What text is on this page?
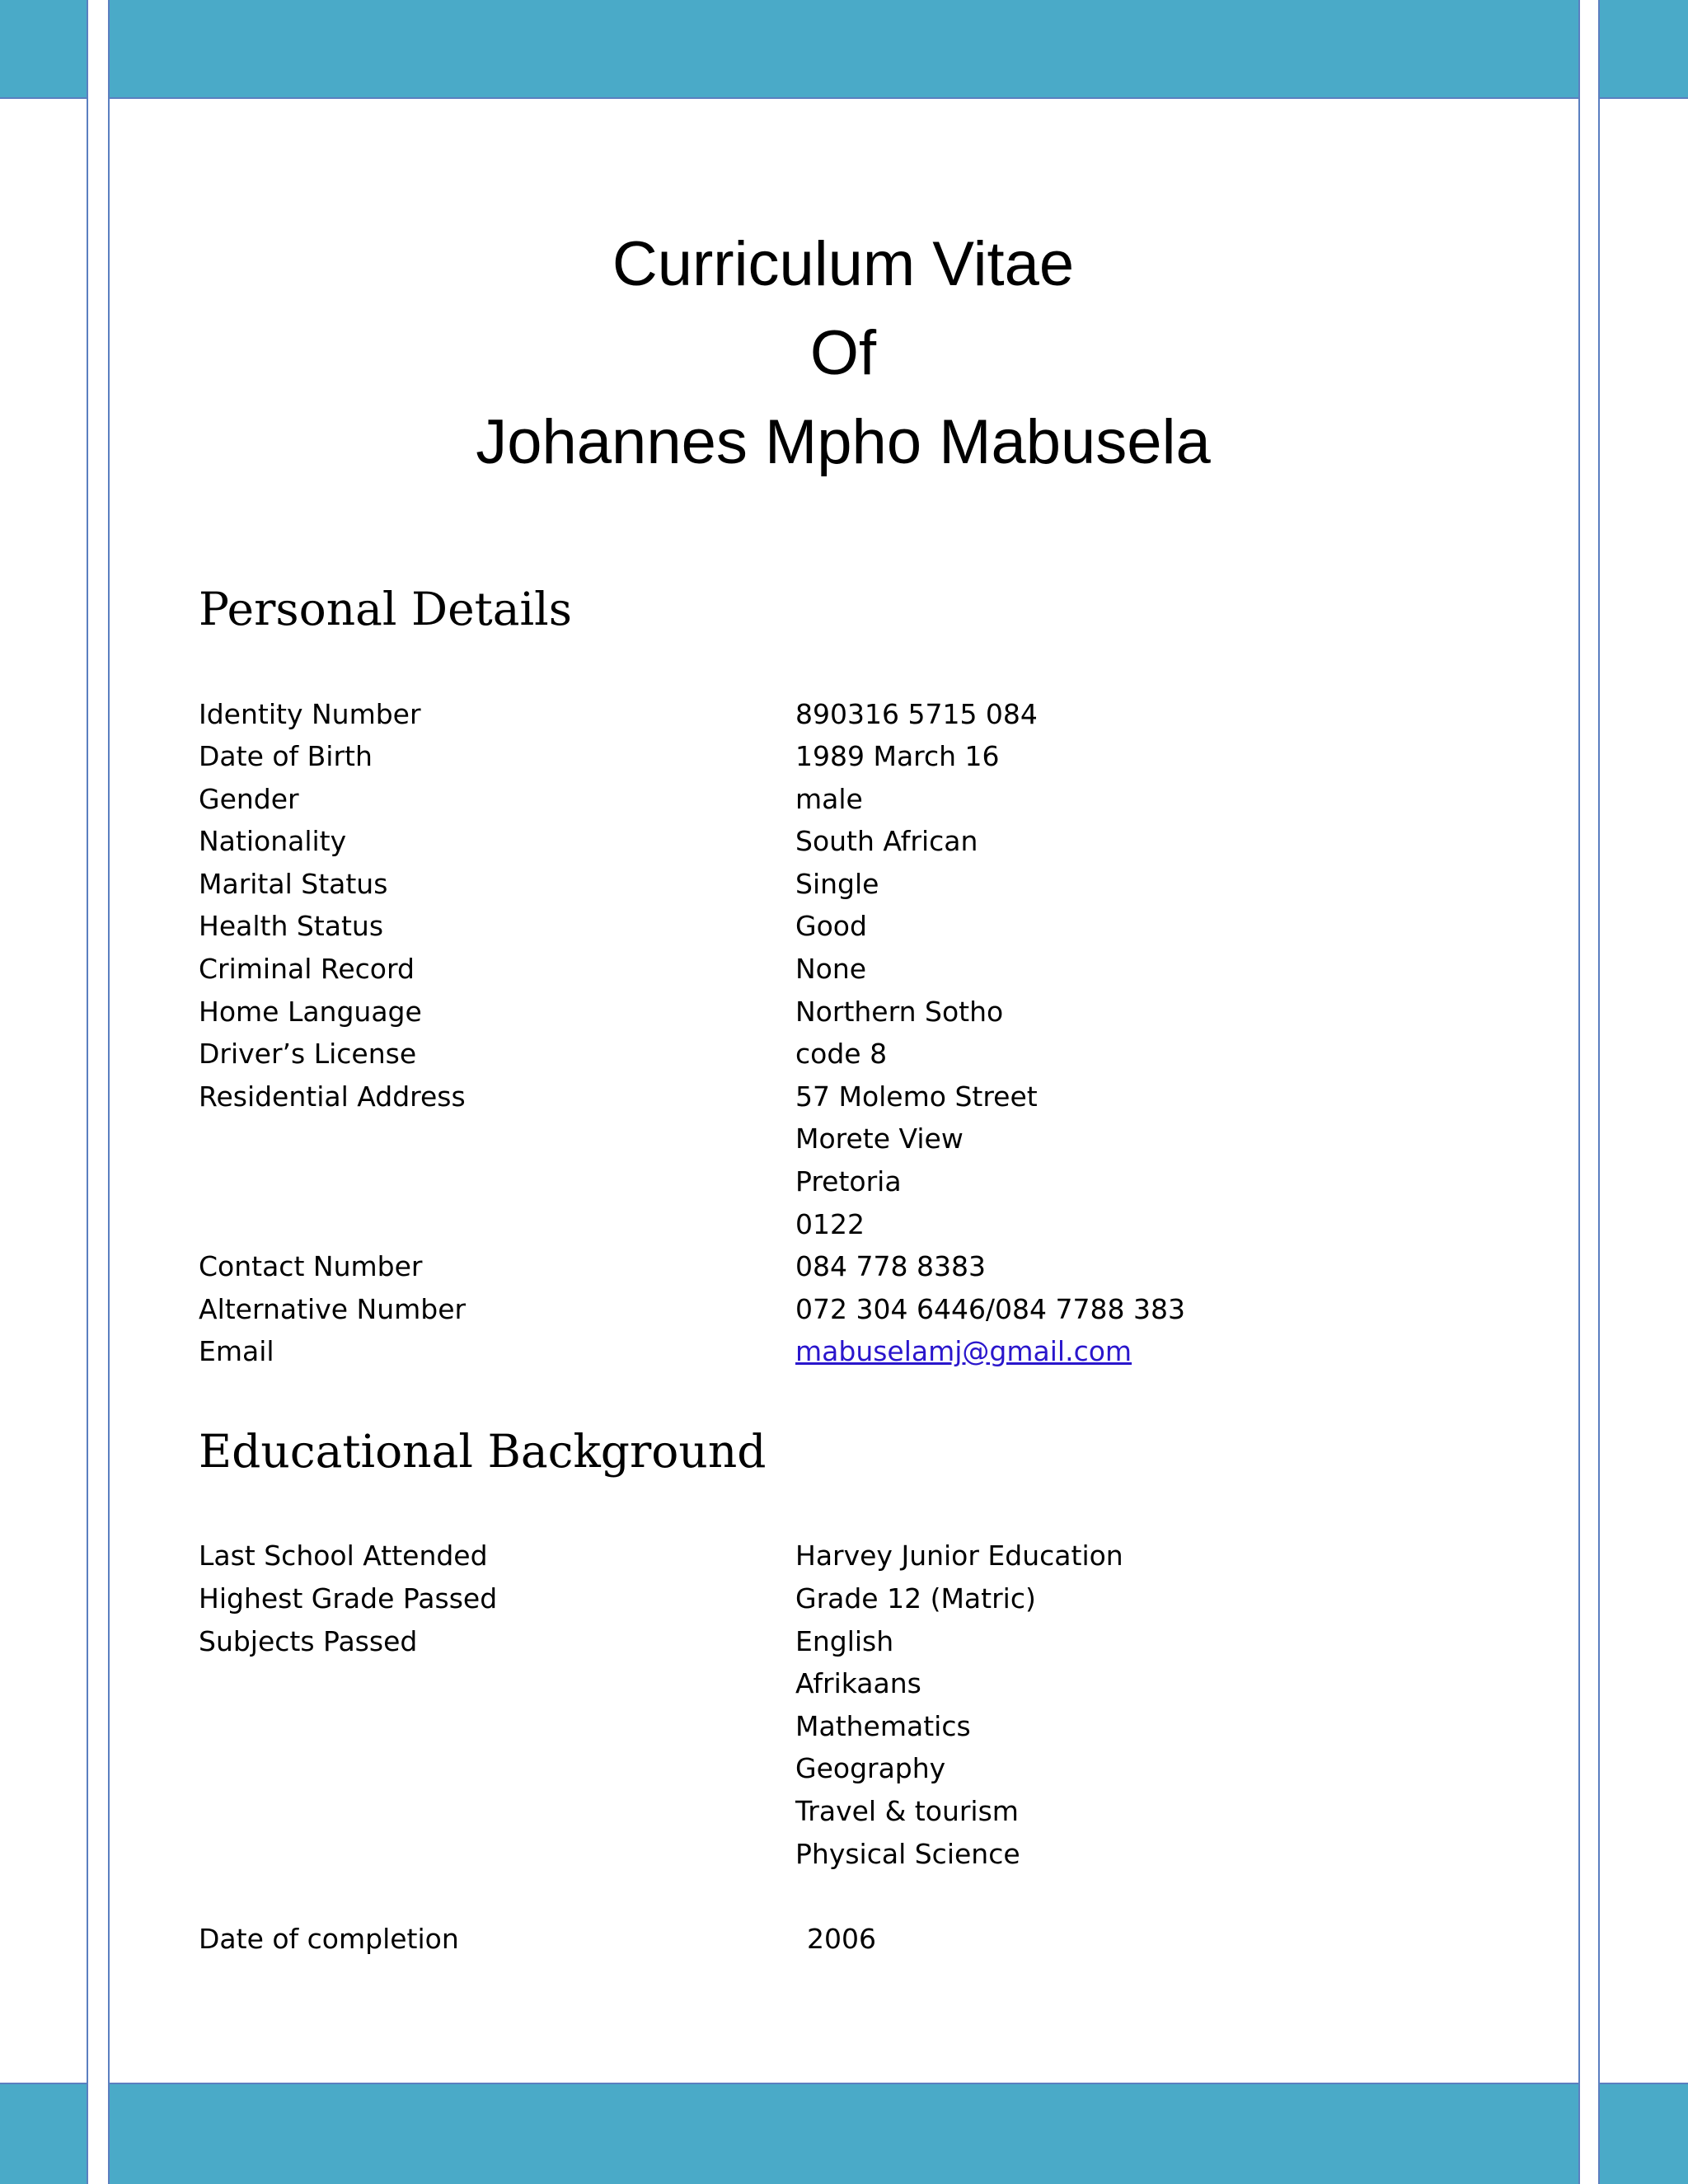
Curriculum Vitae
Of
Johannes Mpho Mabusela
Personal Details
Identity Number	890316 5715 084
Date of Birth	1989 March 16
Gender	male
Nationality	South African
Marital Status	Single
Health Status	Good
Criminal Record	None
Home Language	Northern Sotho
Driver’s License	code 8
Residential Address	57 Molemo Street
Morete View
Pretoria
0122
Contact Number	084 778 8383
Alternative Number	072 304 6446/084 7788 383
Email	mabuselamj@gmail.com
Educational Background
Last School Attended	Harvey Junior Education
Highest Grade Passed	Grade 12 (Matric)
Subjects Passed	English
Afrikaans
Mathematics
Geography
Travel & tourism
Physical Science
Date of completion	2006
